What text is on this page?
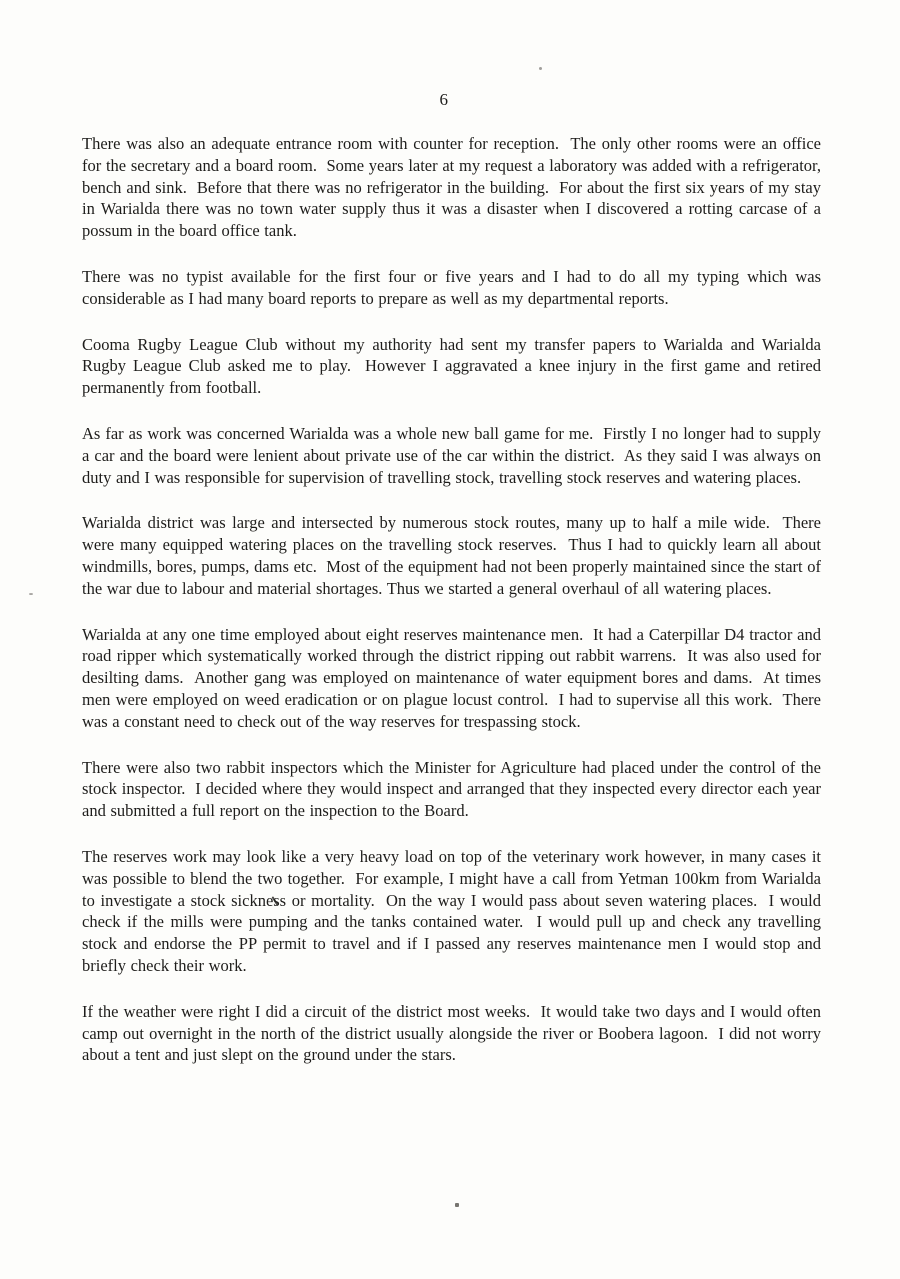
6

There was also an adequate entrance room with counter for reception.  The only other rooms were an office for the secretary and a board room.  Some years later at my request a laboratory was added with a refrigerator, bench and sink.  Before that there was no refrigerator in the building.  For about the first six years of my stay in Warialda there was no town water supply thus it was a disaster when I discovered a rotting carcase of a possum in the board office tank.

There was no typist available for the first four or five years and I had to do all my typing which was considerable as I had many board reports to prepare as well as my departmental reports.

Cooma Rugby League Club without my authority had sent my transfer papers to Warialda and Warialda Rugby League Club asked me to play.  However I aggravated a knee injury in the first game and retired permanently from football.

As far as work was concerned Warialda was a whole new ball game for me.  Firstly I no longer had to supply a car and the board were lenient about private use of the car within the district.  As they said I was always on duty and I was responsible for supervision of travelling stock, travelling stock reserves and watering places.

Warialda district was large and intersected by numerous stock routes, many up to half a mile wide.  There were many equipped watering places on the travelling stock reserves.  Thus I had to quickly learn all about windmills, bores, pumps, dams etc.  Most of the equipment had not been properly maintained since the start of the war due to labour and material shortages. Thus we started a general overhaul of all watering places.

Warialda at any one time employed about eight reserves maintenance men.  It had a Caterpillar D4 tractor and road ripper which systematically worked through the district ripping out rabbit warrens.  It was also used for desilting dams.  Another gang was employed on maintenance of water equipment bores and dams.  At times men were employed on weed eradication or on plague locust control.  I had to supervise all this work.  There was a constant need to check out of the way reserves for trespassing stock.

There were also two rabbit inspectors which the Minister for Agriculture had placed under the control of the stock inspector.  I decided where they would inspect and arranged that they inspected every director each year and submitted a full report on the inspection to the Board.

The reserves work may look like a very heavy load on top of the veterinary work however, in many cases it was possible to blend the two together.  For example, I might have a call from Yetman 100km from Warialda to investigate a stock sickness or mortality.  On the way I would pass about seven watering places.  I would check if the mills were pumping and the tanks contained water.  I would pull up and check any travelling stock and endorse the PP permit to travel and if I passed any reserves maintenance men I would stop and briefly check their work.

If the weather were right I did a circuit of the district most weeks.  It would take two days and I would often camp out overnight in the north of the district usually alongside the river or Boobera lagoon.  I did not worry about a tent and just slept on the ground under the stars.
